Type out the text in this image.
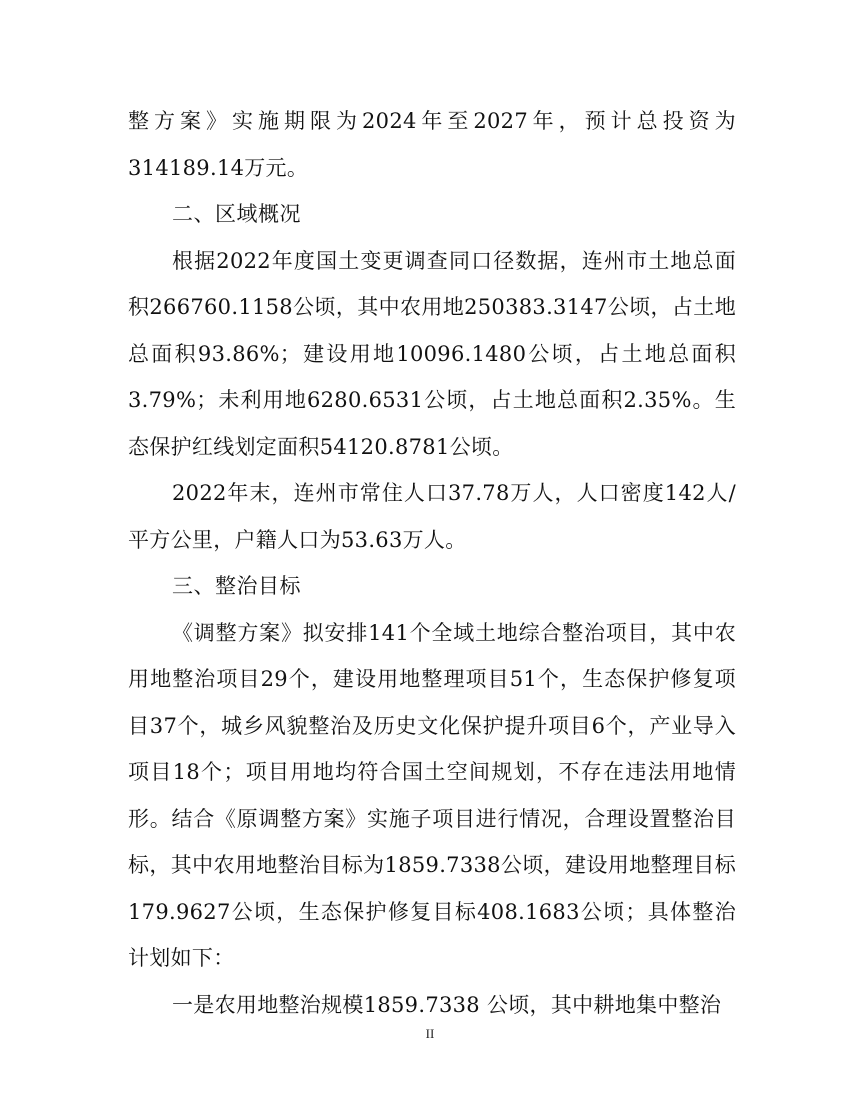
整方案》实施期限为2024年至2027年，预计总投资为314189.14万元。

二、区域概况

根据2022年度国土变更调查同口径数据，连州市土地总面积266760.1158公顷，其中农用地250383.3147公顷，占土地总面积93.86%；建设用地10096.1480公顷，占土地总面积3.79%；未利用地6280.6531公顷，占土地总面积2.35%。生态保护红线划定面积54120.8781公顷。

2022年末，连州市常住人口37.78万人，人口密度142人/平方公里，户籍人口为53.63万人。

三、整治目标

《调整方案》拟安排141个全域土地综合整治项目，其中农用地整治项目29个，建设用地整理项目51个，生态保护修复项目37个，城乡风貌整治及历史文化保护提升项目6个，产业导入项目18个；项目用地均符合国土空间规划，不存在违法用地情形。结合《原调整方案》实施子项目进行情况，合理设置整治目标，其中农用地整治目标为1859.7338公顷，建设用地整理目标179.9627公顷，生态保护修复目标408.1683公顷；具体整治计划如下：

一是农用地整治规模1859.7338 公顷，其中耕地集中整治

II
